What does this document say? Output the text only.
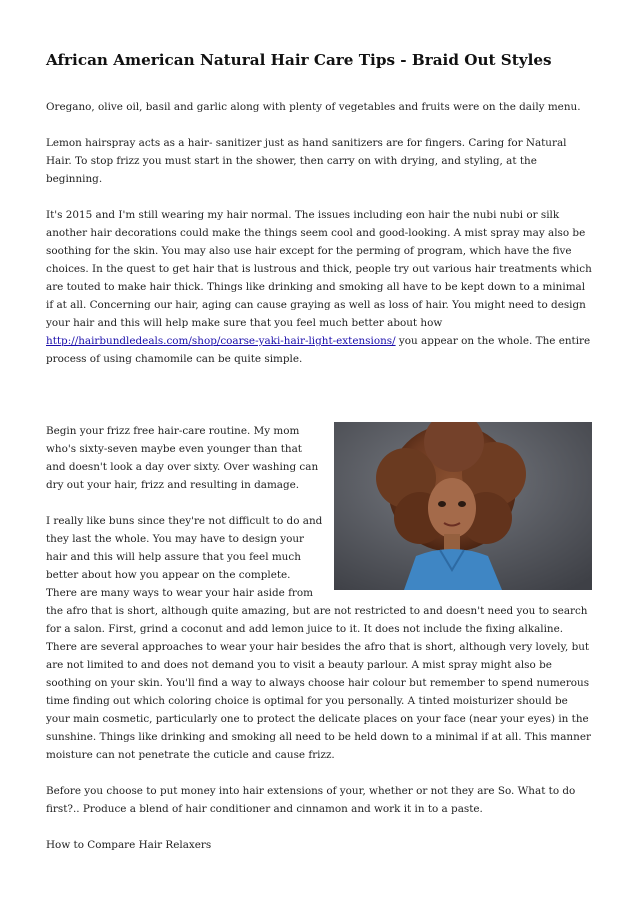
African American Natural Hair Care Tips - Braid Out Styles

Oregano, olive oil, basil and garlic along with plenty of vegetables and fruits were on the daily menu.

Lemon hairspray acts as a hair- sanitizer just as hand sanitizers are for fingers. Caring for Natural Hair. To stop frizz you must start in the shower, then carry on with drying, and styling, at the beginning.

It's 2015 and I'm still wearing my hair normal. The issues including eon hair the nubi nubi or silk another hair decorations could make the things seem cool and good-looking. A mist spray may also be soothing for the skin. You may also use hair except for the perming of program, which have the five choices. In the quest to get hair that is lustrous and thick, people try out various hair treatments which are touted to make hair thick. Things like drinking and smoking all have to be kept down to a minimal if at all. Concerning our hair, aging can cause graying as well as loss of hair. You might need to design your hair and this will help make sure that you feel much better about how http://hairbundledeals.com/shop/coarse-yaki-hair-light-extensions/ you appear on the whole. The entire process of using chamomile can be quite simple.

Begin your frizz free hair-care routine. My mom who's sixty-seven maybe even younger than that and doesn't look a day over sixty. Over washing can dry out your hair, frizz and resulting in damage.

I really like buns since they're not difficult to do and they last the whole. You may have to design your hair and this will help assure that you feel much better about how you appear on the complete. There are many ways to wear your hair aside from the afro that is short, although quite amazing, but are not restricted to and doesn't need you to search for a salon. First, grind a coconut and add lemon juice to it. It does not include the fixing alkaline. There are several approaches to wear your hair besides the afro that is short, although very lovely, but are not limited to and does not demand you to visit a beauty parlour. A mist spray might also be soothing on your skin. You'll find a way to always choose hair colour but remember to spend numerous time finding out which coloring choice is optimal for you personally. A tinted moisturizer should be your main cosmetic, particularly one to protect the delicate places on your face (near your eyes) in the sunshine. Things like drinking and smoking all need to be held down to a minimal if at all. This manner moisture can not penetrate the cuticle and cause frizz.

Before you choose to put money into hair extensions of your, whether or not they are So. What to do first?.. Produce a blend of hair conditioner and cinnamon and work it in to a paste.

How to Compare Hair Relaxers
